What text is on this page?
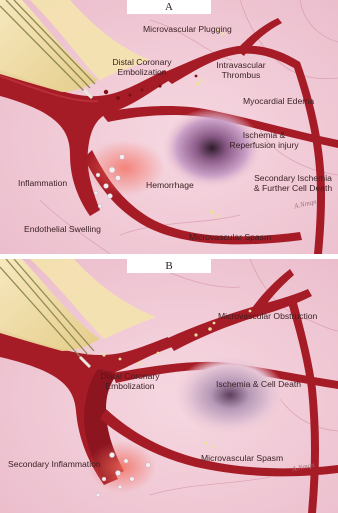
A
Microvascular Plugging
Distal Coronary
Embolization
Intravascular
Thrombus
Myocardial Edema
Ischemia &
Reperfusion injury
Secondary Ischemia
& Further Cell Death
Inflammation	Hemorrhage
Endothelial Swelling
Microvascular Spasm
A.Nmqn
B
Microvascular Obstruction
Distal Coronary
Embolization	Ischemia & Cell Death
Microvascular Spasm
Secondary Inflammation	A.Nmqn
